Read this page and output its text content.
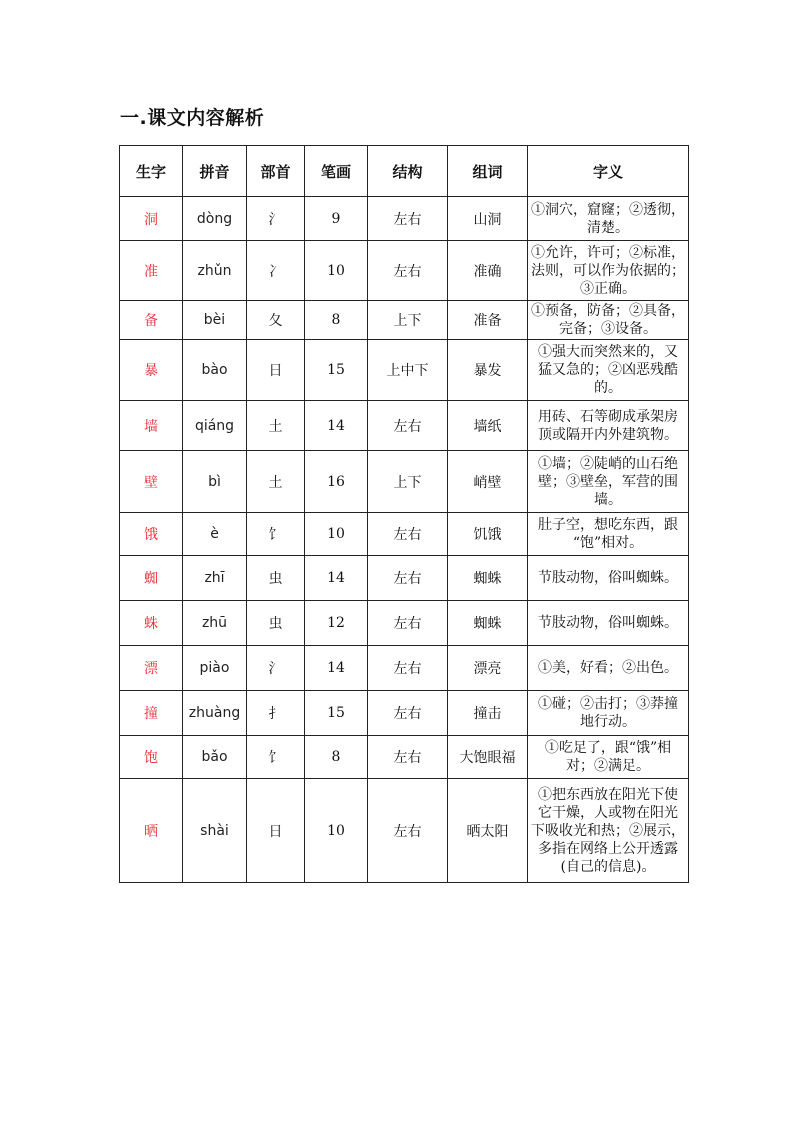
一.课文内容解析
生字	拼音	部首	笔画	结构	组词	字义
洞	dòng	氵	9	左右	山洞	①洞穴，窟窿；②透彻，
清楚。

准	zhǔn	冫	10	左右	准确	①允许，许可；②标准，
法则，可以作为依据的；
③正确。

备	bèi	夂	8	上下	准备	①预备，防备；②具备，
完备；③设备。

暴	bào	日	15	上中下	暴发	①强大而突然来的，又
猛又急的；②凶恶残酷
的。

墙	qiáng	土	14	左右	墙纸	用砖、石等砌成承架房
顶或隔开内外建筑物。

壁	bì	土	16	上下	峭壁	①墙；②陡峭的山石绝
壁；③壁垒，军营的围
墙。

饿	è	饣	10	左右	饥饿	肚子空，想吃东西，跟
“饱”相对。

蜘	zhī	虫	14	左右	蜘蛛	节肢动物，俗叫蜘蛛。

蛛	zhū	虫	12	左右	蜘蛛	节肢动物，俗叫蜘蛛。

漂	piào	氵	14	左右	漂亮	①美，好看；②出色。

撞	zhuàng	扌	15	左右	撞击	①碰；②击打；③莽撞
地行动。

饱	bǎo	饣	8	左右	大饱眼福	①吃足了，跟“饿”相
对；②满足。

晒	shài	日	10	左右	晒太阳	①把东西放在阳光下使
它干燥，人或物在阳光
下吸收光和热；②展示，
多指在网络上公开透露
(自己的信息)。
